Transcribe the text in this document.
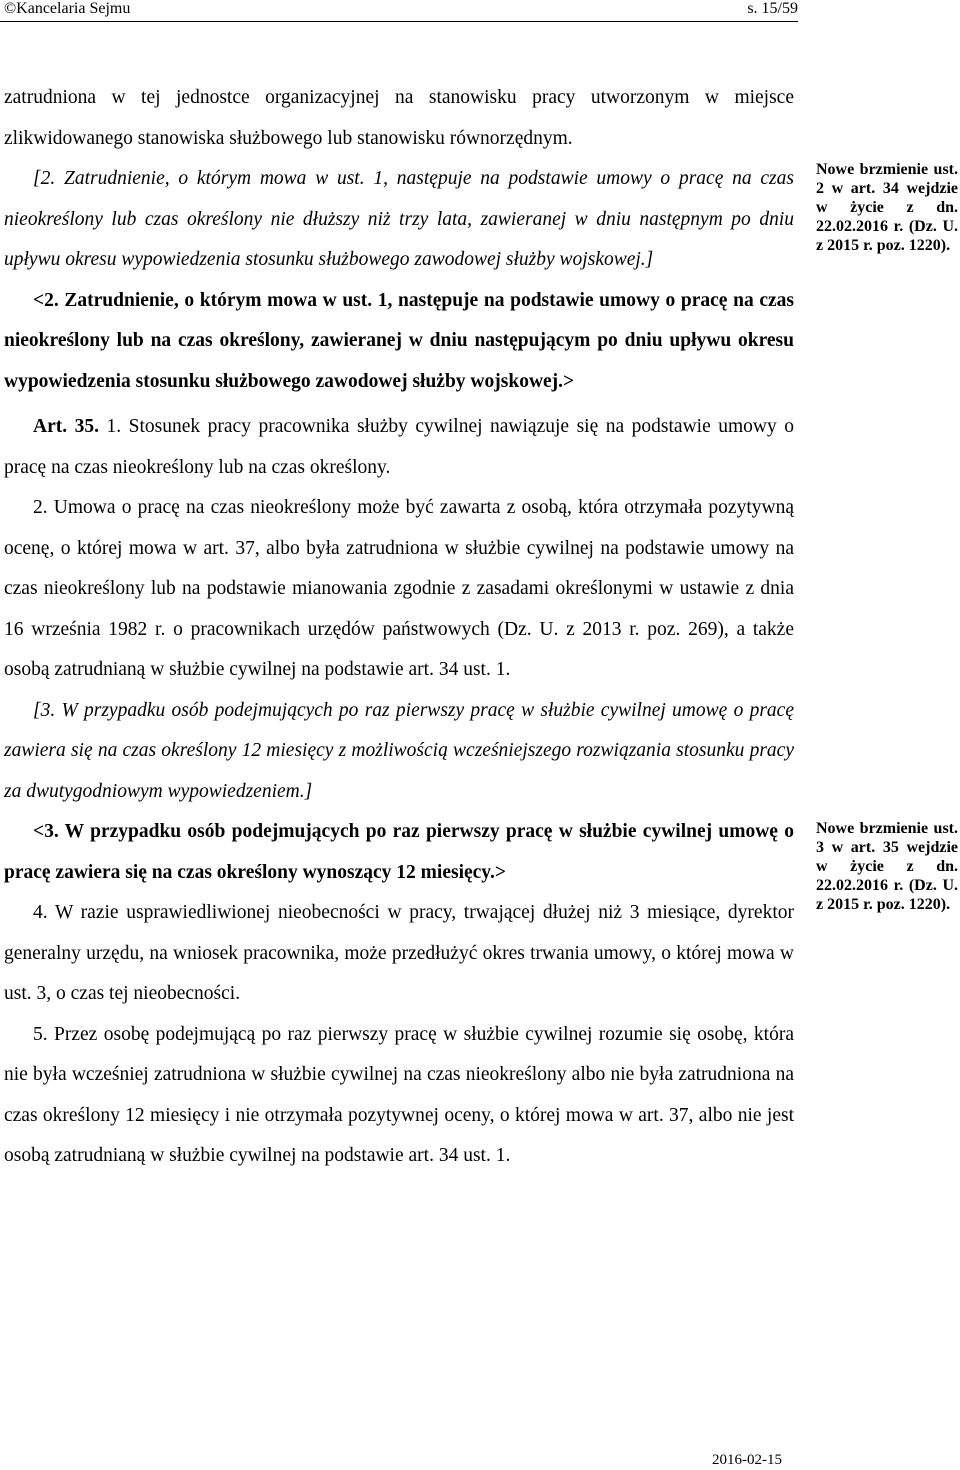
©Kancelaria Sejmu	s. 15/59

zatrudniona w tej jednostce organizacyjnej na stanowisku pracy utworzonym w miejsce zlikwidowanego stanowiska służbowego lub stanowisku równorzędnym.

[2. Zatrudnienie, o którym mowa w ust. 1, następuje na podstawie umowy o pracę na czas nieokreślony lub czas określony nie dłuższy niż trzy lata, zawieranej w dniu następnym po dniu upływu okresu wypowiedzenia stosunku służbowego zawodowej służby wojskowej.]

<2. Zatrudnienie, o którym mowa w ust. 1, następuje na podstawie umowy o pracę na czas nieokreślony lub na czas określony, zawieranej w dniu następującym po dniu upływu okresu wypowiedzenia stosunku służbowego zawodowej służby wojskowej.>

Art. 35. 1. Stosunek pracy pracownika służby cywilnej nawiązuje się na podstawie umowy o pracę na czas nieokreślony lub na czas określony.

2. Umowa o pracę na czas nieokreślony może być zawarta z osobą, która otrzymała pozytywną ocenę, o której mowa w art. 37, albo była zatrudniona w służbie cywilnej na podstawie umowy na czas nieokreślony lub na podstawie mianowania zgodnie z zasadami określonymi w ustawie z dnia 16 września 1982 r. o pracownikach urzędów państwowych (Dz. U. z 2013 r. poz. 269), a także osobą zatrudnianą w służbie cywilnej na podstawie art. 34 ust. 1.

[3. W przypadku osób podejmujących po raz pierwszy pracę w służbie cywilnej umowę o pracę zawiera się na czas określony 12 miesięcy z możliwością wcześniejszego rozwiązania stosunku pracy za dwutygodniowym wypowiedzeniem.]

<3. W przypadku osób podejmujących po raz pierwszy pracę w służbie cywilnej umowę o pracę zawiera się na czas określony wynoszący 12 miesięcy.>

4. W razie usprawiedliwionej nieobecności w pracy, trwającej dłużej niż 3 miesiące, dyrektor generalny urzędu, na wniosek pracownika, może przedłużyć okres trwania umowy, o której mowa w ust. 3, o czas tej nieobecności.

5. Przez osobę podejmującą po raz pierwszy pracę w służbie cywilnej rozumie się osobę, która nie była wcześniej zatrudniona w służbie cywilnej na czas nieokreślony albo nie była zatrudniona na czas określony 12 miesięcy i nie otrzymała pozytywnej oceny, o której mowa w art. 37, albo nie jest osobą zatrudnianą w służbie cywilnej na podstawie art. 34 ust. 1.

Nowe brzmienie ust. 2 w art. 34 wejdzie w życie z dn. 22.02.2016 r. (Dz. U. z 2015 r. poz. 1220).
Nowe brzmienie ust. 3 w art. 35 wejdzie w życie z dn. 22.02.2016 r. (Dz. U. z 2015 r. poz. 1220).
2016-02-15
